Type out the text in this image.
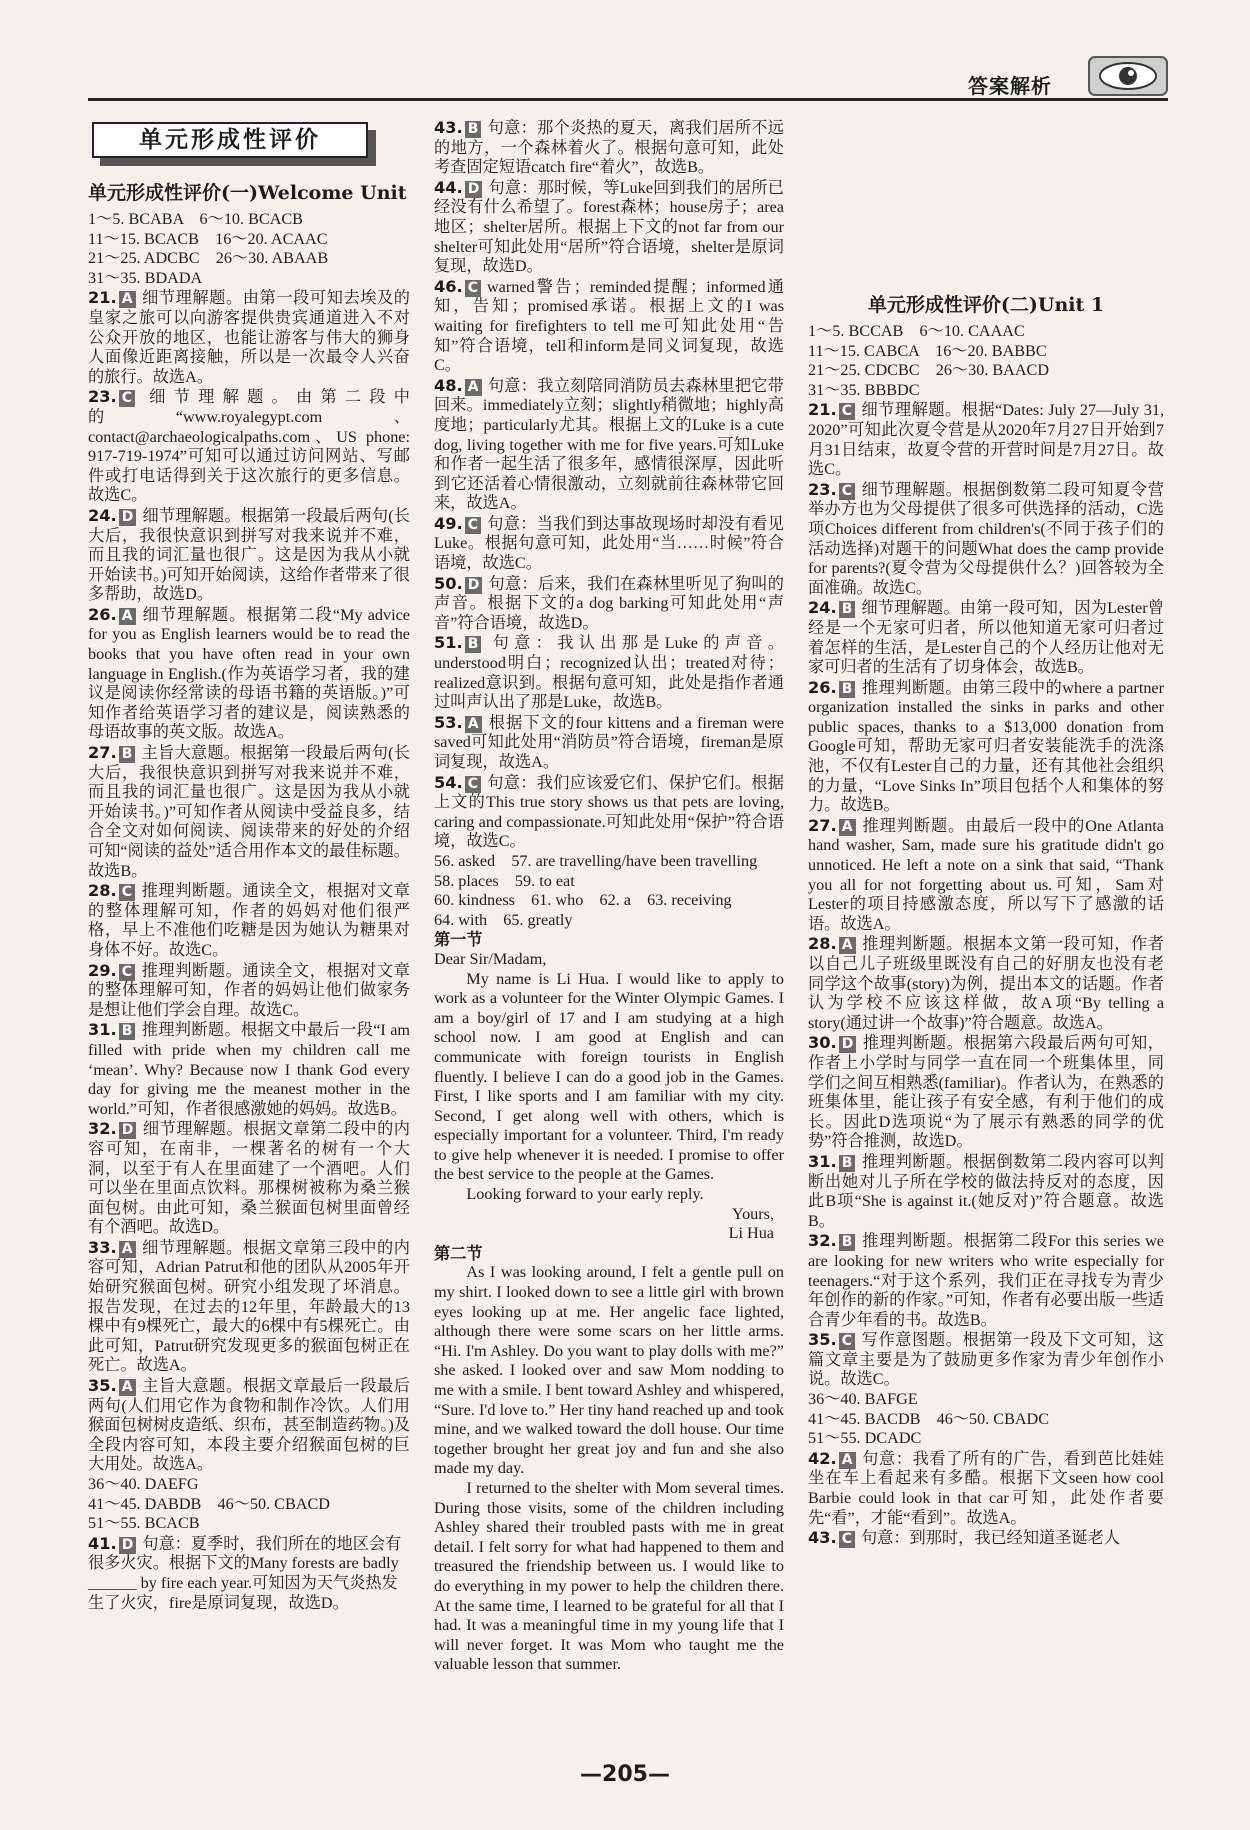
答案解析
单元形成性评价
单元形成性评价(一)Welcome Unit

1～5. BCABA　6～10. BCACB

11～15. BCACB　16～20. ACAAC

21～25. ADCBC　26～30. ABAAB

31～35. BDADA

21. A 细节理解题。由第一段可知去埃及的皇家之旅可以向游客提供贵宾通道进入不对公众开放的地区，也能让游客与伟大的狮身人面像近距离接触，所以是一次最令人兴奋的旅行。故选A。

23. C 细节理解题。由第二段中的“www.royalegypt.com、contact@archaeologicalpaths.com、US phone: 917-719-1974”可知可以通过访问网站、写邮件或打电话得到关于这次旅行的更多信息。故选C。

24. D 细节理解题。根据第一段最后两句(长大后，我很快意识到拼写对我来说并不难，而且我的词汇量也很广。这是因为我从小就开始读书。)可知开始阅读，这给作者带来了很多帮助，故选D。

26. A 细节理解题。根据第二段“My advice for you as English learners would be to read the books that you have often read in your own language in English.(作为英语学习者，我的建议是阅读你经常读的母语书籍的英语版。)”可知作者给英语学习者的建议是，阅读熟悉的母语故事的英文版。故选A。

27. B 主旨大意题。根据第一段最后两句(长大后，我很快意识到拼写对我来说并不难，而且我的词汇量也很广。这是因为我从小就开始读书。)”可知作者从阅读中受益良多，结合全文对如何阅读、阅读带来的好处的介绍可知“阅读的益处”适合用作本文的最佳标题。故选B。

28. C 推理判断题。通读全文，根据对文章的整体理解可知，作者的妈妈对他们很严格，早上不准他们吃糖是因为她认为糖果对身体不好。故选C。

29. C 推理判断题。通读全文，根据对文章的整体理解可知，作者的妈妈让他们做家务是想让他们学会自理。故选C。

31. B 推理判断题。根据文中最后一段“I am filled with pride when my children call me ‘mean’. Why? Because now I thank God every day for giving me the meanest mother in the world.”可知，作者很感激她的妈妈。故选B。

32. D 细节理解题。根据文章第二段中的内容可知，在南非，一棵著名的树有一个大洞，以至于有人在里面建了一个酒吧。人们可以坐在里面点饮料。那棵树被称为桑兰猴面包树。由此可知，桑兰猴面包树里面曾经有个酒吧。故选D。

33. A 细节理解题。根据文章第三段中的内容可知，Adrian Patrut和他的团队从2005年开始研究猴面包树。研究小组发现了坏消息。报告发现，在过去的12年里，年龄最大的13棵中有9棵死亡，最大的6棵中有5棵死亡。由此可知，Patrut研究发现更多的猴面包树正在死亡。故选A。

35. A 主旨大意题。根据文章最后一段最后两句(人们用它作为食物和制作冷饮。人们用猴面包树树皮造纸、织布，甚至制造药物。)及全段内容可知，本段主要介绍猴面包树的巨大用处。故选A。

36～40. DAEFG

41～45. DABDB　46～50. CBACD

51～55. BCACB

41. D 句意：夏季时，我们所在的地区会有很多火灾。根据下文的Many forests are badly ______ by fire each year.可知因为天气炎热发生了火灾，fire是原词复现，故选D。

43. B 句意：那个炎热的夏天，离我们居所不远的地方，一个森林着火了。根据句意可知，此处考查固定短语catch fire“着火”，故选B。

44. D 句意：那时候，等Luke回到我们的居所已经没有什么希望了。forest森林；house房子；area地区；shelter居所。根据上下文的not far from our shelter可知此处用“居所”符合语境，shelter是原词复现，故选D。

46. C warned警告；reminded提醒；informed通知，告知；promised承诺。根据上文的I was waiting for firefighters to tell me可知此处用“告知”符合语境，tell和inform是同义词复现，故选C。

48. A 句意：我立刻陪同消防员去森林里把它带回来。immediately立刻；slightly稍微地；highly高度地；particularly尤其。根据上文的Luke is a cute dog, living together with me for five years.可知Luke和作者一起生活了很多年，感情很深厚，因此听到它还活着心情很激动，立刻就前往森林带它回来，故选A。

49. C 句意：当我们到达事故现场时却没有看见Luke。根据句意可知，此处用“当……时候”符合语境，故选C。

50. D 句意：后来，我们在森林里听见了狗叫的声音。根据下文的a dog barking可知此处用“声音”符合语境，故选D。

51. B 句意：我认出那是Luke的声音。understood明白；recognized认出；treated对待；realized意识到。根据句意可知，此处是指作者通过叫声认出了那是Luke，故选B。

53. A 根据下文的four kittens and a fireman were saved可知此处用“消防员”符合语境，fireman是原词复现，故选A。

54. C 句意：我们应该爱它们、保护它们。根据上文的This true story shows us that pets are loving, caring and compassionate.可知此处用“保护”符合语境，故选C。

56. asked　57. are travelling/have been travelling　58. places　59. to eat

60. kindness　61. who　62. a　63. receiving

64. with　65. greatly

第一节

Dear Sir/Madam,

My name is Li Hua. I would like to apply to work as a volunteer for the Winter Olympic Games. I am a boy/girl of 17 and I am studying at a high school now. I am good at English and can communicate with foreign tourists in English fluently. I believe I can do a good job in the Games. First, I like sports and I am familiar with my city. Second, I get along well with others, which is especially important for a volunteer. Third, I'm ready to give help whenever it is needed. I promise to offer the best service to the people at the Games.

Looking forward to your early reply.

Yours,

Li Hua

第二节

As I was looking around, I felt a gentle pull on my shirt. I looked down to see a little girl with brown eyes looking up at me. Her angelic face lighted, although there were some scars on her little arms. “Hi. I'm Ashley. Do you want to play dolls with me?” she asked. I looked over and saw Mom nodding to me with a smile. I bent toward Ashley and whispered, “Sure. I'd love to.” Her tiny hand reached up and took mine, and we walked toward the doll house. Our time together brought her great joy and fun and she also made my day.

I returned to the shelter with Mom several times. During those visits, some of the children including Ashley shared their troubled pasts with me in great detail. I felt sorry for what had happened to them and treasured the friendship between us. I would like to do everything in my power to help the children there. At the same time, I learned to be grateful for all that I had. It was a meaningful time in my young life that I will never forget. It was Mom who taught me the valuable lesson that summer.

单元形成性评价(二)Unit 1

1～5. BCCAB　6～10. CAAAC

11～15. CABCA　16～20. BABBC

21～25. CDCBC　26～30. BAACD

31～35. BBBDC

21. C 细节理解题。根据“Dates: July 27—July 31, 2020”可知此次夏令营是从2020年7月27日开始到7月31日结束，故夏令营的开营时间是7月27日。故选C。

23. C 细节理解题。根据倒数第二段可知夏令营举办方也为父母提供了很多可供选择的活动，C选项Choices different from children's(不同于孩子们的活动选择)对题干的问题What does the camp provide for parents?(夏令营为父母提供什么？)回答较为全面准确。故选C。

24. B 细节理解题。由第一段可知，因为Lester曾经是一个无家可归者，所以他知道无家可归者过着怎样的生活，是Lester自己的个人经历让他对无家可归者的生活有了切身体会，故选B。

26. B 推理判断题。由第三段中的where a partner organization installed the sinks in parks and other public spaces, thanks to a $13,000 donation from Google可知，帮助无家可归者安装能洗手的洗涤池，不仅有Lester自己的力量，还有其他社会组织的力量，“Love Sinks In”项目包括个人和集体的努力。故选B。

27. A 推理判断题。由最后一段中的One Atlanta hand washer, Sam, made sure his gratitude didn't go unnoticed. He left a note on a sink that said, “Thank you all for not forgetting about us.可知，Sam对Lester的项目持感激态度，所以写下了感激的话语。故选A。

28. A 推理判断题。根据本文第一段可知，作者以自己儿子班级里既没有自己的好朋友也没有老同学这个故事(story)为例，提出本文的话题。作者认为学校不应该这样做，故A项“By telling a story(通过讲一个故事)”符合题意。故选A。

30. D 推理判断题。根据第六段最后两句可知，作者上小学时与同学一直在同一个班集体里，同学们之间互相熟悉(familiar)。作者认为，在熟悉的班集体里，能让孩子有安全感，有利于他们的成长。因此D选项说“为了展示有熟悉的同学的优势”符合推测，故选D。

31. B 推理判断题。根据倒数第二段内容可以判断出她对儿子所在学校的做法持反对的态度，因此B项“She is against it.(她反对)”符合题意。故选B。

32. B 推理判断题。根据第二段For this series we are looking for new writers who write especially for teenagers.“对于这个系列，我们正在寻找专为青少年创作的新的作家。”可知，作者有必要出版一些适合青少年看的书。故选B。

35. C 写作意图题。根据第一段及下文可知，这篇文章主要是为了鼓励更多作家为青少年创作小说。故选C。

36～40. BAFGE

41～45. BACDB　46～50. CBADC

51～55. DCADC

42. A 句意：我看了所有的广告，看到芭比娃娃坐在车上看起来有多酷。根据下文seen how cool Barbie could look in that car可知，此处作者要先“看”，才能“看到”。故选A。

43. C 句意：到那时，我已经知道圣诞老人

—205—
